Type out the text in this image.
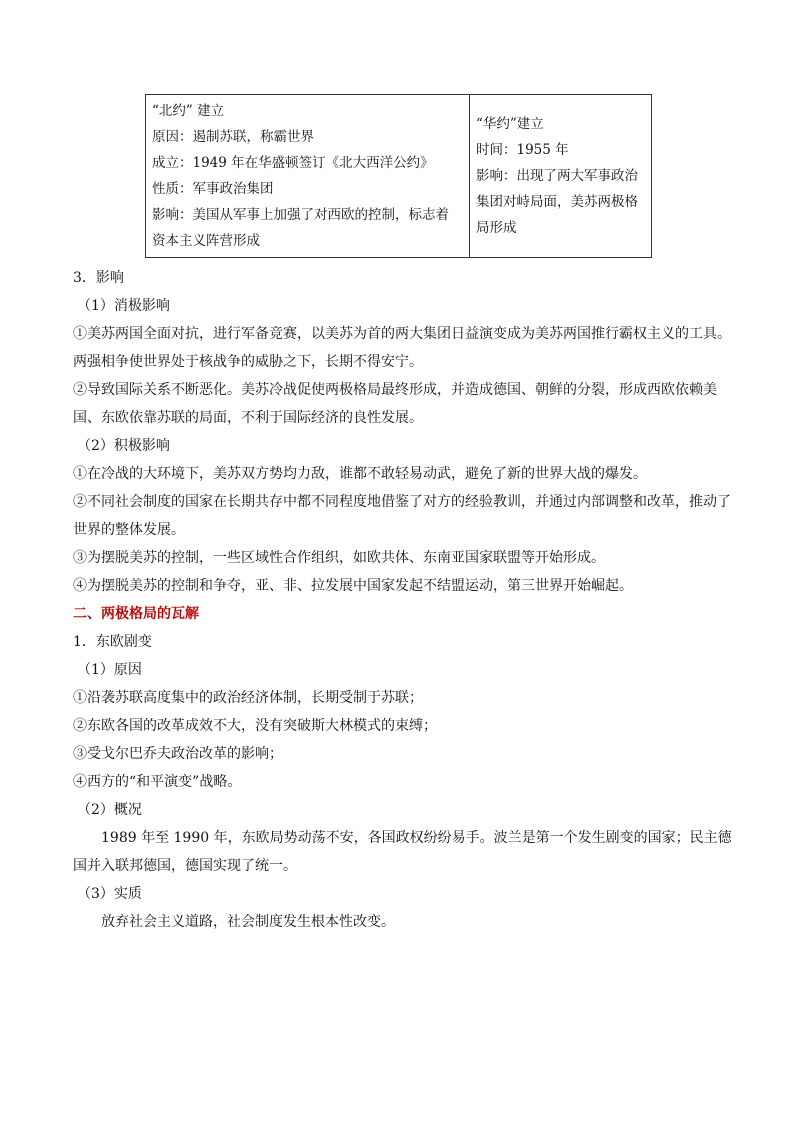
“北约” 建立
原因：遏制苏联，称霸世界
成立：1949 年在华盛顿签订《北大西洋公约》
性质：军事政治集团
影响：美国从军事上加强了对西欧的控制，标志着
资本主义阵营形成

“华约”建立
时间：1955 年
影响：出现了两大军事政治集团对峙局面，美苏两极格局形成
3．影响
（1）消极影响
①美苏两国全面对抗，进行军备竞赛，以美苏为首的两大集团日益演变成为美苏两国推行霸权主义的工具。两强相争使世界处于核战争的威胁之下，长期不得安宁。
②导致国际关系不断恶化。美苏冷战促使两极格局最终形成，并造成德国、朝鲜的分裂，形成西欧依赖美国、东欧依靠苏联的局面，不利于国际经济的良性发展。
（2）积极影响
①在冷战的大环境下，美苏双方势均力敌，谁都不敢轻易动武，避免了新的世界大战的爆发。
②不同社会制度的国家在长期共存中都不同程度地借鉴了对方的经验教训，并通过内部调整和改革，推动了世界的整体发展。
③为摆脱美苏的控制，一些区域性合作组织，如欧共体、东南亚国家联盟等开始形成。
④为摆脱美苏的控制和争夺，亚、非、拉发展中国家发起不结盟运动，第三世界开始崛起。
二、两极格局的瓦解
1．东欧剧变
（1）原因
①沿袭苏联高度集中的政治经济体制，长期受制于苏联；
②东欧各国的改革成效不大，没有突破斯大林模式的束缚；
③受戈尔巴乔夫政治改革的影响；
④西方的“和平演变”战略。
（2）概况
1989 年至 1990 年，东欧局势动荡不安，各国政权纷纷易手。波兰是第一个发生剧变的国家；民主德国并入联邦德国，德国实现了统一。
（3）实质
放弃社会主义道路，社会制度发生根本性改变。
